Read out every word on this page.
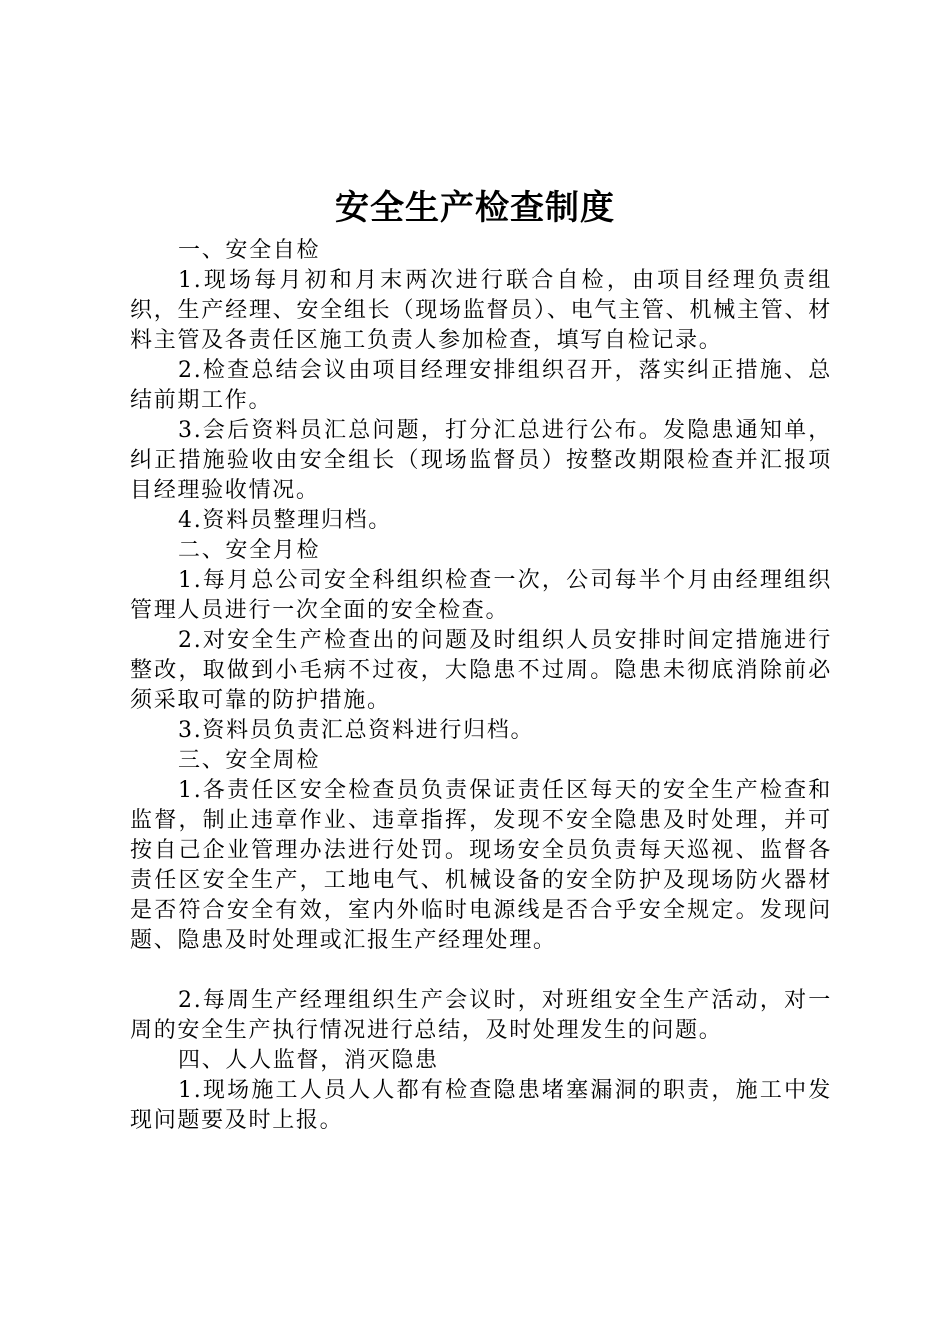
安全生产检查制度

一、安全自检

1.现场每月初和月末两次进行联合自检，由项目经理负责组织，生产经理、安全组长（现场监督员）、电气主管、机械主管、材料主管及各责任区施工负责人参加检查，填写自检记录。

2.检查总结会议由项目经理安排组织召开，落实纠正措施、总结前期工作。

3.会后资料员汇总问题，打分汇总进行公布。发隐患通知单，纠正措施验收由安全组长（现场监督员）按整改期限检查并汇报项目经理验收情况。

4.资料员整理归档。

二、安全月检

1.每月总公司安全科组织检查一次，公司每半个月由经理组织管理人员进行一次全面的安全检查。

2.对安全生产检查出的问题及时组织人员安排时间定措施进行整改，取做到小毛病不过夜，大隐患不过周。隐患未彻底消除前必须采取可靠的防护措施。

3.资料员负责汇总资料进行归档。

三、安全周检

1.各责任区安全检查员负责保证责任区每天的安全生产检查和监督，制止违章作业、违章指挥，发现不安全隐患及时处理，并可按自己企业管理办法进行处罚。现场安全员负责每天巡视、监督各责任区安全生产，工地电气、机械设备的安全防护及现场防火器材是否符合安全有效，室内外临时电源线是否合乎安全规定。发现问题、隐患及时处理或汇报生产经理处理。

2.每周生产经理组织生产会议时，对班组安全生产活动，对一周的安全生产执行情况进行总结，及时处理发生的问题。

四、人人监督，消灭隐患

1.现场施工人员人人都有检查隐患堵塞漏洞的职责，施工中发现问题要及时上报。
